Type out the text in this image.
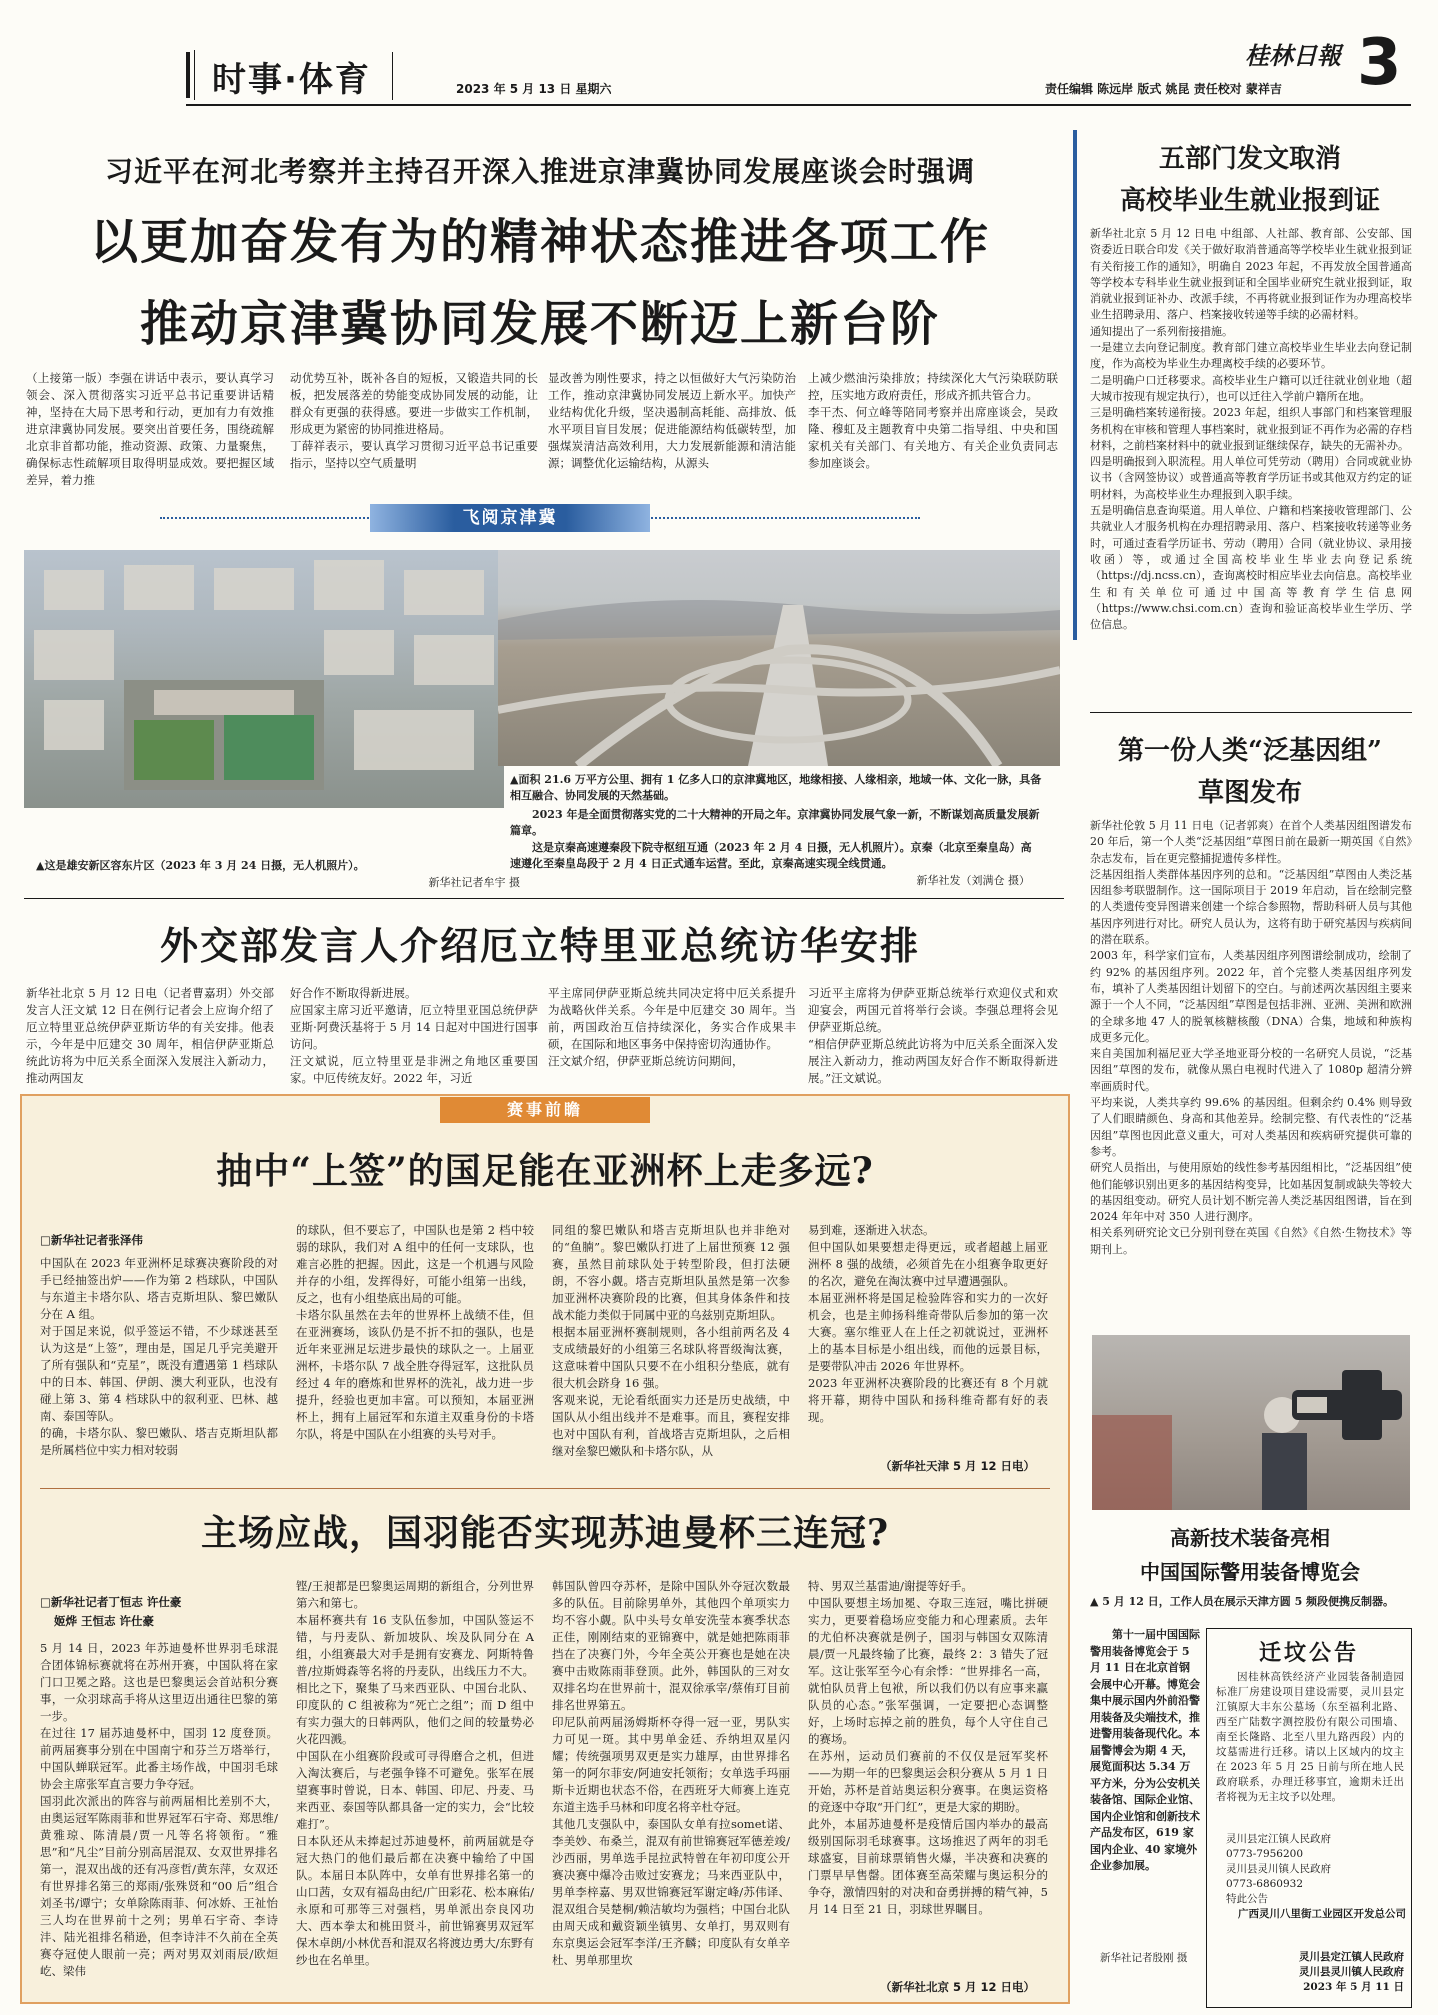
时事·体育	2023 年 5 月 13 日 星期六	责任编辑 陈远岸 版式 姚昆 责任校对 蒙祥吉
桂林日報 3
习近平在河北考察并主持召开深入推进京津冀协同发展座谈会时强调
以更加奋发有为的精神状态推进各项工作
推动京津冀协同发展不断迈上新台阶
（上接第一版）李强在讲话中表示，要认真学习领会、深入贯彻落实习近平总书记重要讲话精神，坚持在大局下思考和行动，更加有力有效推进京津冀协同发展。要突出首要任务，围绕疏解北京非首都功能，推动资源、政策、力量聚焦，确保标志性疏解项目取得明显成效。要把握区域差异，着力推
动优势互补，既补各自的短板，又锻造共同的长板，把发展落差的势能变成协同发展的动能，让群众有更强的获得感。要进一步做实工作机制，形成更为紧密的协同推进格局。
丁薛祥表示，要认真学习贯彻习近平总书记重要指示，坚持以空气质量明
显改善为刚性要求，持之以恒做好大气污染防治工作，推动京津冀协同发展迈上新水平。加快产业结构优化升级，坚决遏制高耗能、高排放、低水平项目盲目发展；促进能源结构低碳转型，加强煤炭清洁高效利用，大力发展新能源和清洁能源；调整优化运输结构，从源头
上减少燃油污染排放；持续深化大气污染联防联控，压实地方政府责任，形成齐抓共管合力。
李干杰、何立峰等陪同考察并出席座谈会，吴政隆、穆虹及主题教育中央第二指导组、中央和国家机关有关部门、有关地方、有关企业负责同志参加座谈会。
飞阅京津冀
▲这是雄安新区容东片区（2023 年 3 月 24 日摄，无人机照片）。
新华社记者牟宇 摄
▲面积 21.6 万平方公里、拥有 1 亿多人口的京津冀地区，地缘相接、人缘相亲，地域一体、文化一脉，具备相互融合、协同发展的天然基础。
2023 年是全面贯彻落实党的二十大精神的开局之年。京津冀协同发展气象一新，不断谋划高质量发展新篇章。
这是京秦高速遵秦段下院寺枢纽互通（2023 年 2 月 4 日摄，无人机照片）。京秦（北京至秦皇岛）高速遵化至秦皇岛段于 2 月 4 日正式通车运营。至此，京秦高速实现全线贯通。
新华社发（刘满仓 摄）
外交部发言人介绍厄立特里亚总统访华安排
新华社北京 5 月 12 日电（记者曹嘉玥）外交部发言人汪文斌 12 日在例行记者会上应询介绍了厄立特里亚总统伊萨亚斯访华的有关安排。他表示，今年是中厄建交 30 周年，相信伊萨亚斯总统此访将为中厄关系全面深入发展注入新动力，推动两国友
好合作不断取得新进展。
应国家主席习近平邀请，厄立特里亚国总统伊萨亚斯·阿费沃基将于 5 月 14 日起对中国进行国事访问。
汪文斌说，厄立特里亚是非洲之角地区重要国家。中厄传统友好。2022 年，习近
平主席同伊萨亚斯总统共同决定将中厄关系提升为战略伙伴关系。今年是中厄建交 30 周年。当前，两国政治互信持续深化，务实合作成果丰硕，在国际和地区事务中保持密切沟通协作。
汪文斌介绍，伊萨亚斯总统访问期间，
习近平主席将为伊萨亚斯总统举行欢迎仪式和欢迎宴会，两国元首将举行会谈。李强总理将会见伊萨亚斯总统。
“相信伊萨亚斯总统此访将为中厄关系全面深入发展注入新动力，推动两国友好合作不断取得新进展。”汪文斌说。
赛事前瞻
抽中“上签”的国足能在亚洲杯上走多远?
□新华社记者张泽伟
中国队在 2023 年亚洲杯足球赛决赛阶段的对手已经抽签出炉——作为第 2 档球队，中国队与东道主卡塔尔队、塔吉克斯坦队、黎巴嫩队分在 A 组。
对于国足来说，似乎签运不错，不少球迷甚至认为这是“上签”，理由是，国足几乎完美避开了所有强队和“克星”，既没有遭遇第 1 档球队中的日本、韩国、伊朗、澳大利亚队，也没有碰上第 3、第 4 档球队中的叙利亚、巴林、越南、泰国等队。
的确，卡塔尔队、黎巴嫩队、塔吉克斯坦队都是所属档位中实力相对较弱
的球队，但不要忘了，中国队也是第 2 档中较弱的球队，我们对 A 组中的任何一支球队，也难言必胜的把握。因此，这是一个机遇与风险并存的小组，发挥得好，可能小组第一出线，反之，也有小组垫底出局的可能。
卡塔尔队虽然在去年的世界杯上战绩不佳，但在亚洲赛场，该队仍是不折不扣的强队，也是近年来亚洲足坛进步最快的球队之一。上届亚洲杯，卡塔尔队 7 战全胜夺得冠军，这批队员经过 4 年的磨炼和世界杯的洗礼，战力进一步提升，经验也更加丰富。可以预知，本届亚洲杯上，拥有上届冠军和东道主双重身份的卡塔尔队，将是中国队在小组赛的头号对手。
同组的黎巴嫩队和塔吉克斯坦队也并非绝对的“鱼腩”。黎巴嫩队打进了上届世预赛 12 强赛，虽然目前球队处于转型阶段，但打法硬朗，不容小觑。塔吉克斯坦队虽然是第一次参加亚洲杯决赛阶段的比赛，但其身体条件和技战术能力类似于同属中亚的乌兹别克斯坦队。
根据本届亚洲杯赛制规则，各小组前两名及 4 支成绩最好的小组第三名球队将晋级淘汰赛，这意味着中国队只要不在小组积分垫底，就有很大机会跻身 16 强。
客观来说，无论看纸面实力还是历史战绩，中国队从小组出线并不是难事。而且，赛程安排也对中国队有利，首战塔吉克斯坦队，之后相继对垒黎巴嫩队和卡塔尔队，从
易到难，逐渐进入状态。
但中国队如果要想走得更远，或者超越上届亚洲杯 8 强的战绩，必须首先在小组赛争取更好的名次，避免在淘汰赛中过早遭遇强队。
本届亚洲杯将是国足检验阵容和实力的一次好机会，也是主帅扬科维奇带队后参加的第一次大赛。塞尔维亚人在上任之初就说过，亚洲杯上的基本目标是小组出线，而他的远景目标，是要带队冲击 2026 年世界杯。
2023 年亚洲杯决赛阶段的比赛还有 8 个月就将开幕，期待中国队和扬科维奇都有好的表现。
（新华社天津 5 月 12 日电）
主场应战，国羽能否实现苏迪曼杯三连冠?
□新华社记者丁恒志 许仕豪
姬烨 王恒志 许仕豪
5 月 14 日，2023 年苏迪曼杯世界羽毛球混合团体锦标赛就将在苏州开赛，中国队将在家门口卫冕之路。这也是巴黎奥运会首站积分赛事，一众羽球高手将从这里迈出通往巴黎的第一步。
在过往 17 届苏迪曼杯中，国羽 12 度登顶。前两届赛事分别在中国南宁和芬兰万塔举行，中国队蝉联冠军。此番主场作战，中国羽毛球协会主席张军直言要力争夺冠。
国羽此次派出的阵容与前两届相比差别不大，由奥运冠军陈雨菲和世界冠军石宇奇、郑思维/黄雅琼、陈清晨/贾一凡等名将领衔。“雅思”和“凡尘”目前分别高居混双、女双世界排名第一，混双出战的还有冯彦哲/黄东萍，女双还有世界排名第三的郑雨/张殊贤和“00 后”组合刘圣书/谭宁；女单除陈雨菲、何冰娇、王祉怡三人均在世界前十之列；男单石宇奇、李诗沣、陆光祖排名稍逊，但李诗沣不久前在全英赛夺冠使人眼前一亮；两对男双刘雨辰/欧烜屹、梁伟
铿/王昶都是巴黎奥运周期的新组合，分列世界第六和第七。
本届杯赛共有 16 支队伍参加，中国队签运不错，与丹麦队、新加坡队、埃及队同分在 A 组，小组赛最大对手是拥有安赛龙、阿斯特鲁普/拉斯姆森等名将的丹麦队，出线压力不大。相比之下，聚集了马来西亚队、中国台北队、印度队的 C 组被称为“死亡之组”；而 D 组中有实力强大的日韩两队，他们之间的较量势必火花四溅。
中国队在小组赛阶段或可寻得磨合之机，但进入淘汰赛后，与老强争锋不可避免。张军在展望赛事时曾说，日本、韩国、印尼、丹麦、马来西亚、泰国等队都具备一定的实力，会“比较难打”。
日本队还从未捧起过苏迪曼杯，前两届就是夺冠大热门的他们最后都在决赛中输给了中国队。本届日本队阵中，女单有世界排名第一的山口茜，女双有福岛由纪/广田彩花、松本麻佑/永原和可那等三对强档，男单派出奈良冈功大、西本拳太和桃田贤斗，前世锦赛男双冠军保木卓朗/小林优吾和混双名将渡边勇大/东野有纱也在名单里。
韩国队曾四夺苏杯，是除中国队外夺冠次数最多的队伍。目前除男单外，其他四个单项实力均不容小觑。队中头号女单安洗莹本赛季状态正佳，刚刚结束的亚锦赛中，就是她把陈雨菲挡在了决赛门外，今年全英公开赛也是她在决赛中击败陈雨菲登顶。此外，韩国队的三对女双排名均在世界前十，混双徐承宰/蔡侑玎目前排名世界第五。
印尼队前两届汤姆斯杯夺得一冠一亚，男队实力可见一斑。其中男单金廷、乔纳坦双星闪耀；传统强项男双更是实力雄厚，由世界排名第一的阿尔菲安/阿迪安托领衔；女单选手玛丽斯卡近期也状态不俗，在西班牙大师赛上连克东道主选手马林和印度名将辛杜夺冠。
其他几支强队中，泰国队女单有拉somet诺、李美妙、布桑兰，混双有前世锦赛冠军德差竣/沙西丽，男单选手昆拉武特曾在年初印度公开赛决赛中爆冷击败过安赛龙；马来西亚队中，男单李梓嘉、男双世锦赛冠军谢定峰/苏伟译、混双组合吴楚桐/赖洁敏均为强档；中国台北队由周天成和戴资颖坐镇男、女单打，男双则有东京奥运会冠军李洋/王齐麟；印度队有女单辛杜、男单那里坎
特、男双兰基雷迪/谢提等好手。
中国队要想主场加冕、夺取三连冠，嘴比拼硬实力，更要着稳场应变能力和心理素质。去年的尤伯杯决赛就是例子，国羽与韩国女双陈清晨/贾一凡最终输了比赛，最终 2：3 错失了冠军。这让张军至今心有余悸：“世界排名一高，就怕队员背上包袱，所以我们仍以有应事来赢队员的心态。”张军强调，一定要把心态调整好，上场时忘掉之前的胜负，每个人守住自己的赛场。
在苏州，运动员们赛前的不仅仅是冠军奖杯——为期一年的巴黎奥运会积分赛从 5 月 1 日开始，苏杯是首站奥运积分赛事。在奥运资格的竞逐中夺取“开门红”，更是大家的期盼。
此外，本届苏迪曼杯是疫情后国内举办的最高级别国际羽毛球赛事。这场推迟了两年的羽毛球盛宴，目前球票销售火爆，半决赛和决赛的门票早早售罄。团体赛至高荣耀与奥运积分的争夺，激情四射的对决和奋勇拼搏的精气神，5 月 14 日至 21 日，羽球世界瞩目。
（新华社北京 5 月 12 日电）
五部门发文取消
高校毕业生就业报到证
新华社北京 5 月 12 日电 中组部、人社部、教育部、公安部、国资委近日联合印发《关于做好取消普通高等学校毕业生就业报到证有关衔接工作的通知》，明确自 2023 年起，不再发放全国普通高等学校本专科毕业生就业报到证和全国毕业研究生就业报到证，取消就业报到证补办、改派手续，不再将就业报到证作为办理高校毕业生招聘录用、落户、档案接收转递等手续的必需材料。
通知提出了一系列衔接措施。
一是建立去向登记制度。教育部门建立高校毕业生毕业去向登记制度，作为高校为毕业生办理离校手续的必要环节。
二是明确户口迁移要求。高校毕业生户籍可以迁往就业创业地（超大城市按现有规定执行），也可以迁往入学前户籍所在地。
三是明确档案转递衔接。2023 年起，组织人事部门和档案管理服务机构在审核和管理人事档案时，就业报到证不再作为必需的存档材料，之前档案材料中的就业报到证继续保存，缺失的无需补办。
四是明确报到入职流程。用人单位可凭劳动（聘用）合同或就业协议书（含网签协议）或普通高等教育学历证书或其他双方约定的证明材料，为高校毕业生办理报到入职手续。
五是明确信息查询渠道。用人单位、户籍和档案接收管理部门、公共就业人才服务机构在办理招聘录用、落户、档案接收转递等业务时，可通过查看学历证书、劳动（聘用）合同（就业协议、录用接收函）等，或通过全国高校毕业生毕业去向登记系统（https://dj.ncss.cn），查询离校时相应毕业去向信息。高校毕业生和有关单位可通过中国高等教育学生信息网（https://www.chsi.com.cn）查询和验证高校毕业生学历、学位信息。
第一份人类“泛基因组”
草图发布
新华社伦敦 5 月 11 日电（记者郭爽）在首个人类基因组图谱发布 20 年后，第一个人类“泛基因组”草图日前在最新一期英国《自然》杂志发布，旨在更完整捕捉遗传多样性。
泛基因组指人类群体基因序列的总和。“泛基因组”草图由人类泛基因组参考联盟制作。这一国际项目于 2019 年启动，旨在绘制完整的人类遗传变异图谱来创建一个综合参照物，帮助科研人员与其他基因序列进行对比。研究人员认为，这将有助于研究基因与疾病间的潜在联系。
2003 年，科学家们宣布，人类基因组序列图谱绘制成功，绘制了约 92% 的基因组序列。2022 年，首个完整人类基因组序列发布，填补了人类基因组计划留下的空白。与前述两次基因组主要来源于一个人不同，“泛基因组”草图是包括非洲、亚洲、美洲和欧洲的全球多地 47 人的脱氧核糖核酸（DNA）合集，地域和种族构成更多元化。
来自美国加利福尼亚大学圣地亚哥分校的一名研究人员说，“泛基因组”草图的发布，就像从黑白电视时代进入了 1080p 超清分辨率画质时代。
平均来说，人类共享约 99.6% 的基因组。但剩余约 0.4% 则导致了人们眼睛颜色、身高和其他差异。绘制完整、有代表性的“泛基因组”草图也因此意义重大，可对人类基因和疾病研究提供可靠的参考。
研究人员指出，与使用原始的线性参考基因组相比，“泛基因组”使他们能够识别出更多的基因结构变异，比如基因复制或缺失等较大的基因组变动。研究人员计划不断完善人类泛基因组图谱，旨在到 2024 年年中对 350 人进行测序。
相关系列研究论文已分别刊登在英国《自然》《自然·生物技术》等期刊上。
高新技术装备亮相
中国国际警用装备博览会
▲ 5 月 12 日，工作人员在展示天津方圆 5 频段便携反制器。
第十一届中国国际警用装备博览会于 5 月 11 日在北京首钢会展中心开幕。博览会集中展示国内外前沿警用装备及尖端技术，推进警用装备现代化。本届警博会为期 4 天，展览面积达 5.34 万平方米，分为公安机关装备馆、国际企业馆、国内企业馆和创新技术产品发布区，619 家国内企业、40 家境外企业参加展。
新华社记者殷刚 摄
迁坟公告
因桂林高铁经济产业园装备制造园标准厂房建设项目建设需要，灵川县定江镇原大丰东公墓场（东至福利北路、西至广陆数字测控股份有限公司围墙、南至长隆路、北至八里九路西段）内的坟墓需进行迁移。请以上区域内的坟主在 2023 年 5 月 25 日前与所在地人民政府联系，办理迁移事宜，逾期未迁出者将视为无主坟予以处理。
灵川县定江镇人民政府
0773-7956200
灵川县灵川镇人民政府
0773-6860932
特此公告
广西灵川八里街工业园区开发总公司
灵川县定江镇人民政府
灵川县灵川镇人民政府
2023 年 5 月 11 日
